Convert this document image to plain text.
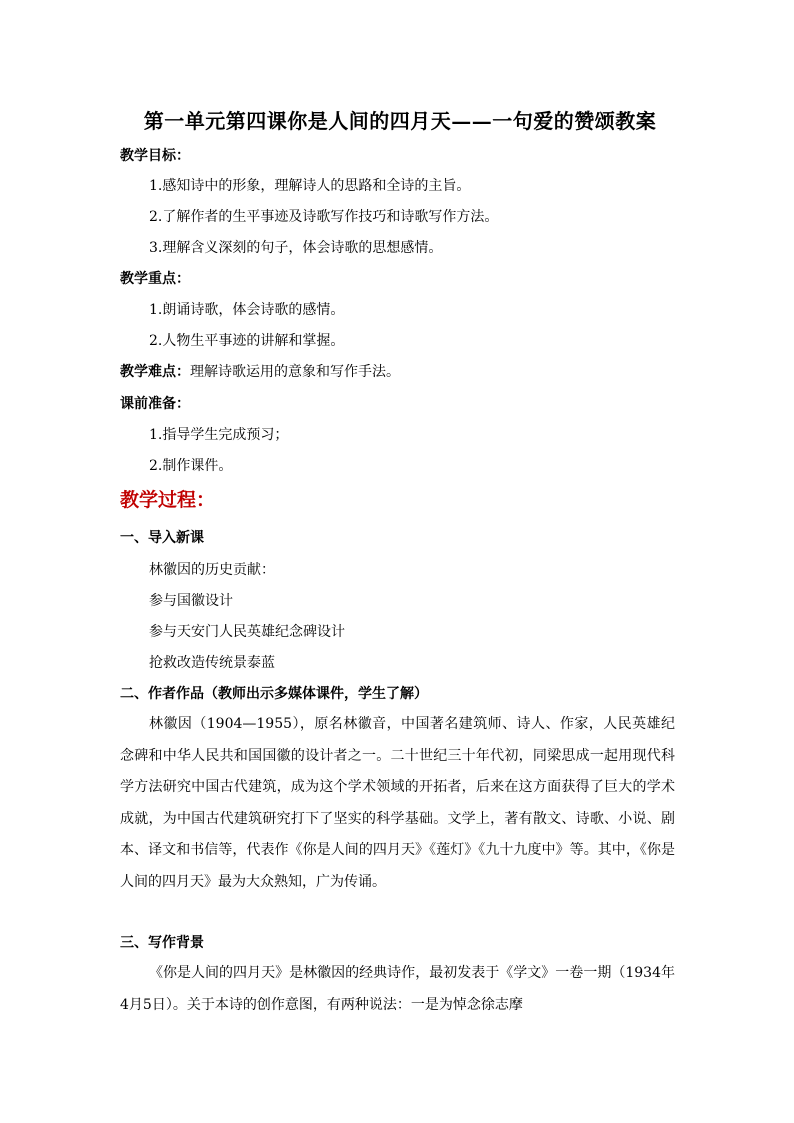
第一单元第四课你是人间的四月天——一句爱的赞颂教案
教学目标：
1.感知诗中的形象，理解诗人的思路和全诗的主旨。
2.了解作者的生平事迹及诗歌写作技巧和诗歌写作方法。
3.理解含义深刻的句子，体会诗歌的思想感情。
教学重点：
1.朗诵诗歌，体会诗歌的感情。
2.人物生平事迹的讲解和掌握。
教学难点：理解诗歌运用的意象和写作手法。
课前准备：
1.指导学生完成预习；
2.制作课件。
教学过程：
一、导入新课
林徽因的历史贡献：
参与国徽设计
参与天安门人民英雄纪念碑设计
抢救改造传统景泰蓝
二、作者作品（教师出示多媒体课件，学生了解）
林徽因（1904—1955），原名林徽音，中国著名建筑师、诗人、作家，人民英雄纪念碑和中华人民共和国国徽的设计者之一。二十世纪三十年代初，同梁思成一起用现代科学方法研究中国古代建筑，成为这个学术领域的开拓者，后来在这方面获得了巨大的学术成就，为中国古代建筑研究打下了坚实的科学基础。文学上，著有散文、诗歌、小说、剧本、译文和书信等，代表作《你是人间的四月天》《莲灯》《九十九度中》等。其中，《你是人间的四月天》最为大众熟知，广为传诵。
三、写作背景
《你是人间的四月天》是林徽因的经典诗作，最初发表于《学文》一卷一期（1934年4月5日）。关于本诗的创作意图，有两种说法：一是为悼念徐志摩
